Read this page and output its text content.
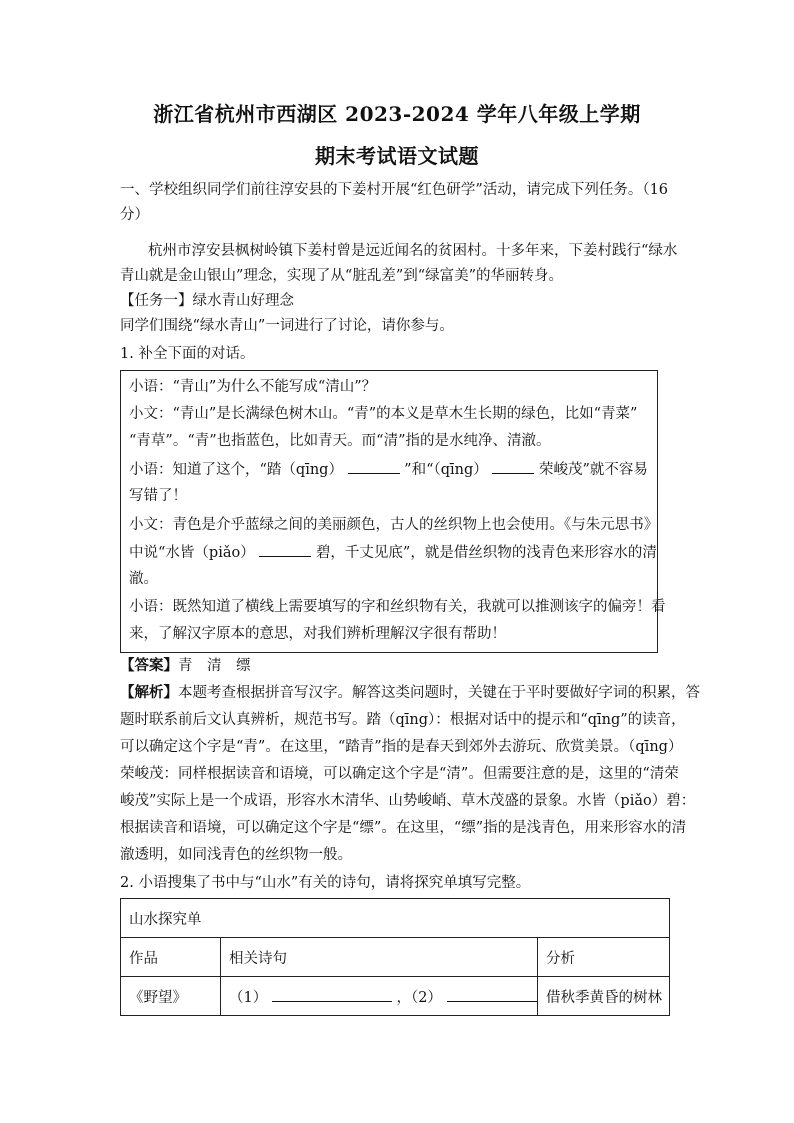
浙江省杭州市西湖区 2023-2024 学年八年级上学期
期末考试语文试题
一、学校组织同学们前往淳安县的下姜村开展“红色研学”活动，请完成下列任务。（16
分）
杭州市淳安县枫树岭镇下姜村曾是远近闻名的贫困村。十多年来，下姜村践行“绿水
青山就是金山银山”理念，实现了从“脏乱差”到“绿富美”的华丽转身。
【任务一】绿水青山好理念
同学们围绕“绿水青山”一词进行了讨论，请你参与。
1. 补全下面的对话。
小语：“青山”为什么不能写成“清山”？
小文：“青山”是长满绿色树木山。“青”的本义是草木生长期的绿色，比如“青菜”
“青草”。“青”也指蓝色，比如青天。而“清”指的是水纯净、清澈。
小语：知道了这个，“踏（qīng）	”和“（qīng）	荣峻茂”就不容易
写错了！
小文：青色是介乎蓝绿之间的美丽颜色，古人的丝织物上也会使用。《与朱元思书》
中说“水皆（piǎo）	碧，千丈见底”，就是借丝织物的浅青色来形容水的清
澈。
小语：既然知道了横线上需要填写的字和丝织物有关，我就可以推测该字的偏旁！看
来，了解汉字原本的意思，对我们辨析理解汉字很有帮助！
【答案】青　清　缥
【解析】本题考查根据拼音写汉字。解答这类问题时，关键在于平时要做好字词的积累，答
题时联系前后文认真辨析，规范书写。踏（qīng）：根据对话中的提示和“qīng”的读音，
可以确定这个字是“青”。在这里，“踏青”指的是春天到郊外去游玩、欣赏美景。（qīng）
荣峻茂：同样根据读音和语境，可以确定这个字是“清”。但需要注意的是，这里的“清荣
峻茂”实际上是一个成语，形容水木清华、山势峻峭、草木茂盛的景象。水皆（piǎo）碧：
根据读音和语境，可以确定这个字是“缥”。在这里，“缥”指的是浅青色，用来形容水的清
澈透明，如同浅青色的丝织物一般。
2. 小语搜集了书中与“山水”有关的诗句，请将探究单填写完整。
山水探究单		
作品	相关诗句	分析
《野望》	（1） ，（2）	借秋季黄昏的树林
